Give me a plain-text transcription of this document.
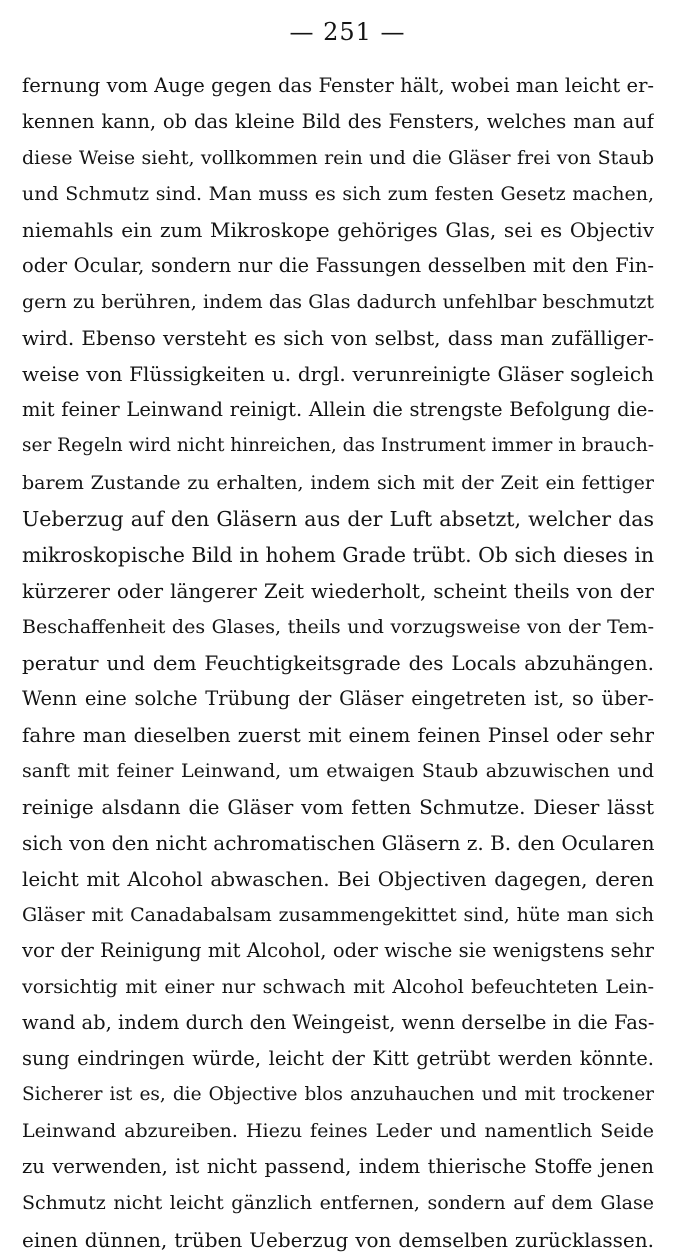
— 251 —
fernung vom Auge gegen das Fenster hält, wobei man leicht er-
kennen kann, ob das kleine Bild des Fensters, welches man auf
diese Weise sieht, vollkommen rein und die Gläser frei von Staub
und Schmutz sind. Man muss es sich zum festen Gesetz machen,
niemahls ein zum Mikroskope gehöriges Glas, sei es Objectiv
oder Ocular, sondern nur die Fassungen desselben mit den Fin-
gern zu berühren, indem das Glas dadurch unfehlbar beschmutzt
wird. Ebenso versteht es sich von selbst, dass man zufälliger-
weise von Flüssigkeiten u. drgl. verunreinigte Gläser sogleich
mit feiner Leinwand reinigt. Allein die strengste Befolgung die-
ser Regeln wird nicht hinreichen, das Instrument immer in brauch-
barem Zustande zu erhalten, indem sich mit der Zeit ein fettiger
Ueberzug auf den Gläsern aus der Luft absetzt, welcher das
mikroskopische Bild in hohem Grade trübt. Ob sich dieses in
kürzerer oder längerer Zeit wiederholt, scheint theils von der
Beschaffenheit des Glases, theils und vorzugsweise von der Tem-
peratur und dem Feuchtigkeitsgrade des Locals abzuhängen.
Wenn eine solche Trübung der Gläser eingetreten ist, so über-
fahre man dieselben zuerst mit einem feinen Pinsel oder sehr
sanft mit feiner Leinwand, um etwaigen Staub abzuwischen und
reinige alsdann die Gläser vom fetten Schmutze. Dieser lässt
sich von den nicht achromatischen Gläsern z. B. den Ocularen
leicht mit Alcohol abwaschen. Bei Objectiven dagegen, deren
Gläser mit Canadabalsam zusammengekittet sind, hüte man sich
vor der Reinigung mit Alcohol, oder wische sie wenigstens sehr
vorsichtig mit einer nur schwach mit Alcohol befeuchteten Lein-
wand ab, indem durch den Weingeist, wenn derselbe in die Fas-
sung eindringen würde, leicht der Kitt getrübt werden könnte.
Sicherer ist es, die Objective blos anzuhauchen und mit trockener
Leinwand abzureiben. Hiezu feines Leder und namentlich Seide
zu verwenden, ist nicht passend, indem thierische Stoffe jenen
Schmutz nicht leicht gänzlich entfernen, sondern auf dem Glase
einen dünnen, trüben Ueberzug von demselben zurücklassen.
